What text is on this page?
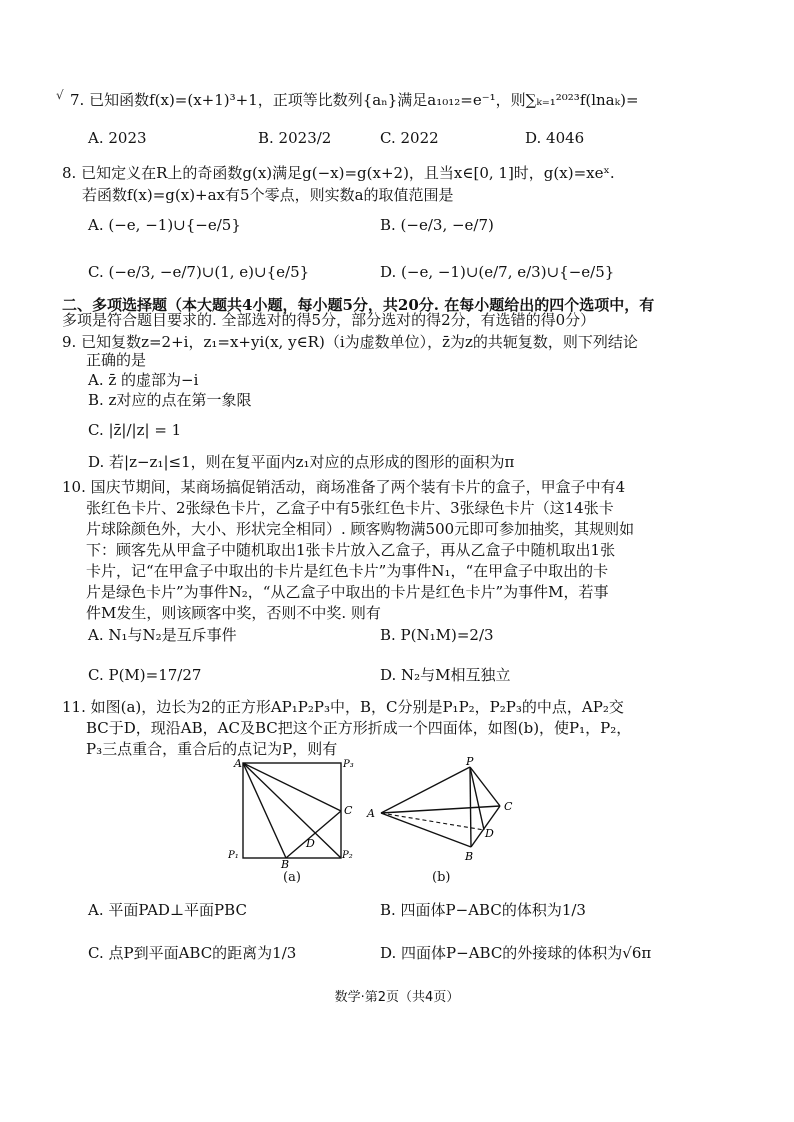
√ 7. 已知函数f(x)=(x+1)³+1，正项等比数列{aₙ}满足a₁₀₁₂=e⁻¹，则∑ₖ₌₁²⁰²³f(lnaₖ)=
A. 2023	B. 2023/2	C. 2022	D. 4046
8. 已知定义在R上的奇函数g(x)满足g(−x)=g(x+2)，且当x∈[0, 1]时，g(x)=xeˣ.
若函数f(x)=g(x)+ax有5个零点，则实数a的取值范围是
A. (−e, −1)∪{−e/5}	B. (−e/3, −e/7)
C. (−e/3, −e/7)∪(1, e)∪{e/5}	D. (−e, −1)∪(e/7, e/3)∪{−e/5}
二、多项选择题（本大题共4小题，每小题5分，共20分. 在每小题给出的四个选项中，有
多项是符合题目要求的. 全部选对的得5分，部分选对的得2分，有选错的得0分）
9. 已知复数z=2+i，z₁=x+yi(x, y∈R)（i为虚数单位），z̄为z的共轭复数，则下列结论
正确的是
A. z̄ 的虚部为−i
B. z对应的点在第一象限
C. |z̄|/|z| = 1
D. 若|z−z₁|≤1，则在复平面内z₁对应的点形成的图形的面积为π
10. 国庆节期间，某商场搞促销活动，商场准备了两个装有卡片的盒子，甲盒子中有4
张红色卡片、2张绿色卡片，乙盒子中有5张红色卡片、3张绿色卡片（这14张卡
片球除颜色外，大小、形状完全相同）. 顾客购物满500元即可参加抽奖，其规则如
下：顾客先从甲盒子中随机取出1张卡片放入乙盒子，再从乙盒子中随机取出1张
卡片，记“在甲盒子中取出的卡片是红色卡片”为事件N₁，“在甲盒子中取出的卡
片是绿色卡片”为事件N₂，“从乙盒子中取出的卡片是红色卡片”为事件M，若事
件M发生，则该顾客中奖，否则不中奖. 则有
A. N₁与N₂是互斥事件	B. P(N₁M)=2/3
C. P(M)=17/27	D. N₂与M相互独立
11. 如图(a)，边长为2的正方形AP₁P₂P₃中，B，C分别是P₁P₂，P₂P₃的中点，AP₂交
BC于D，现沿AB，AC及BC把这个正方形折成一个四面体，如图(b)，使P₁，P₂，
P₃三点重合，重合后的点记为P，则有
A	P₃
C
D
P₁
B
P₂
(a)
P
A
C
D
B
(b)
A. 平面PAD⊥平面PBC	B. 四面体P−ABC的体积为1/3
C. 点P到平面ABC的距离为1/3	D. 四面体P−ABC的外接球的体积为√6π
数学·第2页（共4页）
